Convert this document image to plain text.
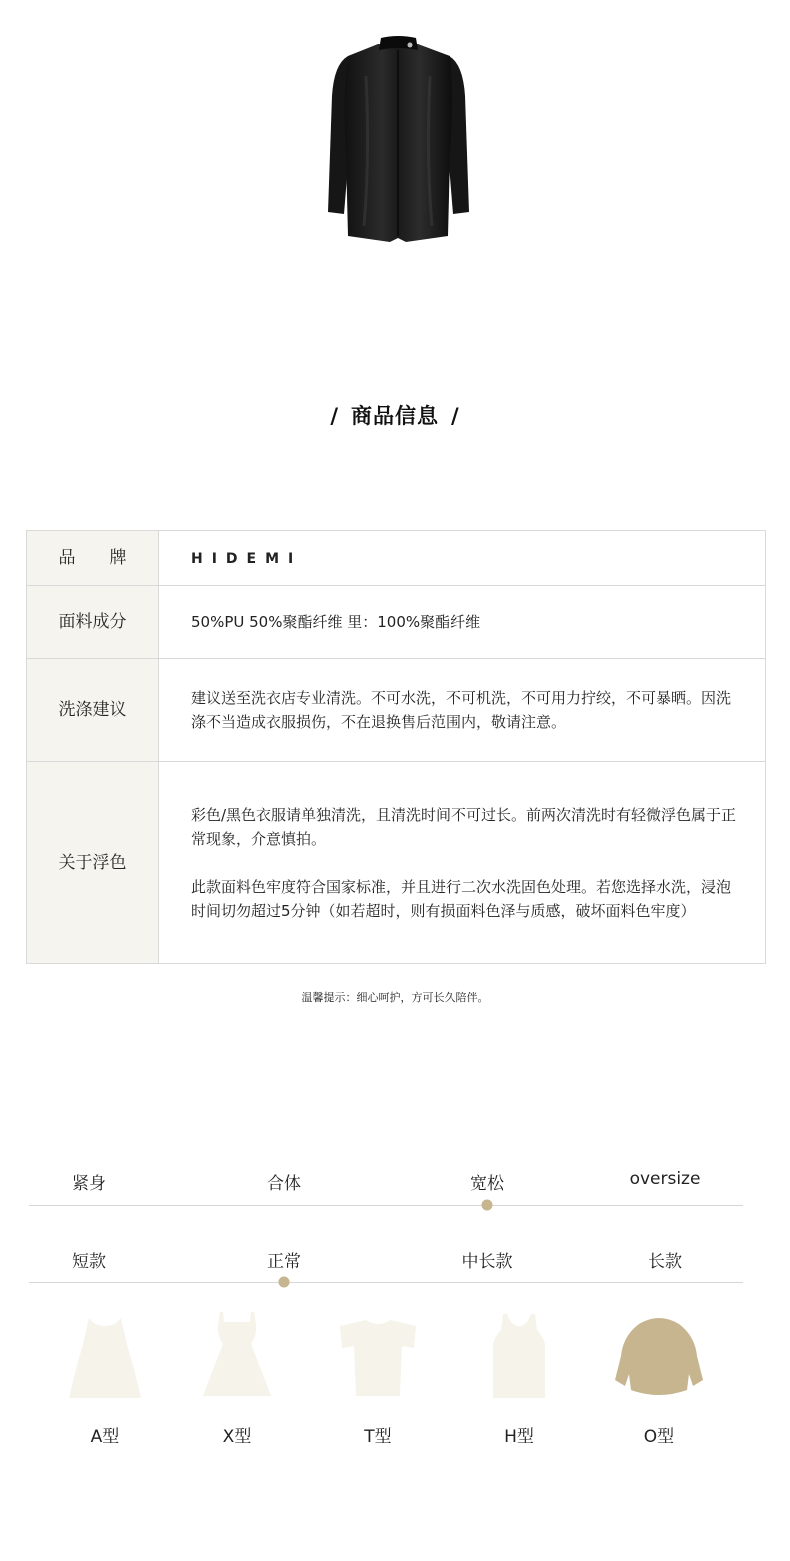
/ 商品信息 /
品　　牌	HIDEMI
面料成分	50%PU 50%聚酯纤维 里：100%聚酯纤维
洗涤建议	建议送至洗衣店专业清洗。不可水洗，不可机洗，不可用力拧绞，不可暴晒。因洗涤不当造成衣服损伤，不在退换售后范围内，敬请注意。
关于浮色	彩色/黑色衣服请单独清洗，且清洗时间不可过长。前两次清洗时有轻微浮色属于正常现象，介意慎拍。
此款面料色牢度符合国家标准，并且进行二次水洗固色处理。若您选择水洗，浸泡时间切勿超过5分钟（如若超时，则有损面料色泽与质感，破坏面料色牢度）
温馨提示：细心呵护，方可长久陪伴。
紧身	合体	宽松	oversize
短款	正常	中长款	长款
A型	X型	T型	H型	O型
